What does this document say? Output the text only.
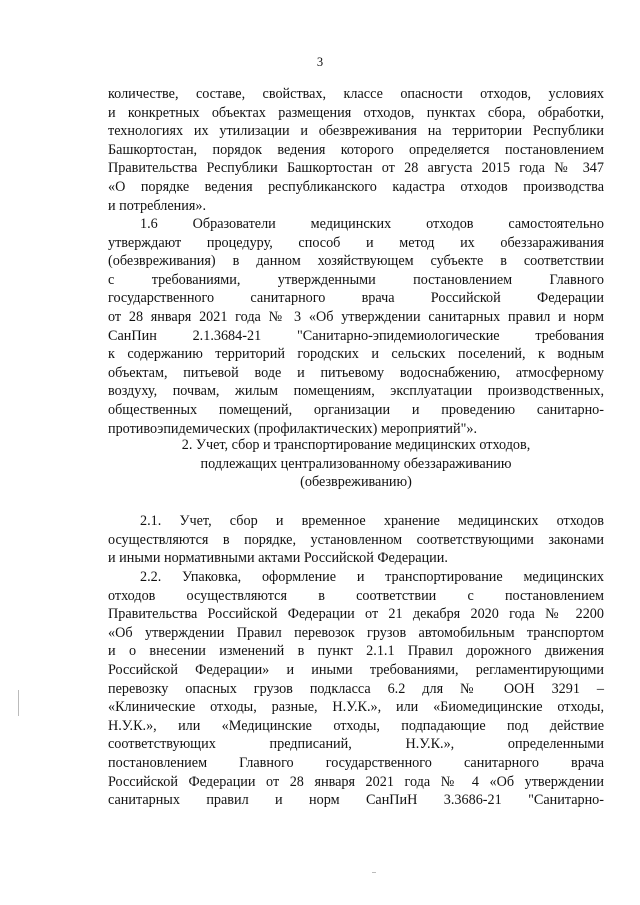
3
количестве, составе, свойствах, классе опасности отходов, условиях
и конкретных объектах размещения отходов, пунктах сбора, обработки,
технологиях их утилизации и обезвреживания на территории Республики
Башкортостан, порядок ведения которого определяется постановлением
Правительства Республики Башкортостан от 28 августа 2015 года № 347
«О порядке ведения республиканского кадастра отходов производства
и потребления».
1.6 Образователи медицинских отходов самостоятельно
утверждают процедуру, способ и метод их обеззараживания
(обезвреживания) в данном хозяйствующем субъекте в соответствии
с требованиями, утвержденными постановлением Главного
государственного санитарного врача Российской Федерации
от 28 января 2021 года № 3 «Об утверждении санитарных правил и норм
СанПин 2.1.3684-21 "Санитарно-эпидемиологические требования
к содержанию территорий городских и сельских поселений, к водным
объектам, питьевой воде и питьевому водоснабжению, атмосферному
воздуху, почвам, жилым помещениям, эксплуатации производственных,
общественных помещений, организации и проведению санитарно-
противоэпидемических (профилактических) мероприятий"».
2. Учет, сбор и транспортирование медицинских отходов,
подлежащих централизованному обеззараживанию
(обезвреживанию)
2.1. Учет, сбор и временное хранение медицинских отходов
осуществляются в порядке, установленном соответствующими законами
и иными нормативными актами Российской Федерации.
2.2. Упаковка, оформление и транспортирование медицинских
отходов осуществляются в соответствии с постановлением
Правительства Российской Федерации от 21 декабря 2020 года № 2200
«Об утверждении Правил перевозок грузов автомобильным транспортом
и о внесении изменений в пункт 2.1.1 Правил дорожного движения
Российской Федерации» и иными требованиями, регламентирующими
перевозку опасных грузов подкласса 6.2 для № ООН 3291 –
«Клинические отходы, разные, Н.У.К.», или «Биомедицинские отходы,
Н.У.К.», или «Медицинские отходы, подпадающие под действие
соответствующих предписаний, Н.У.К.», определенными
постановлением Главного государственного санитарного врача
Российской Федерации от 28 января 2021 года № 4 «Об утверждении
санитарных правил и норм СанПиН 3.3686-21 "Санитарно-
